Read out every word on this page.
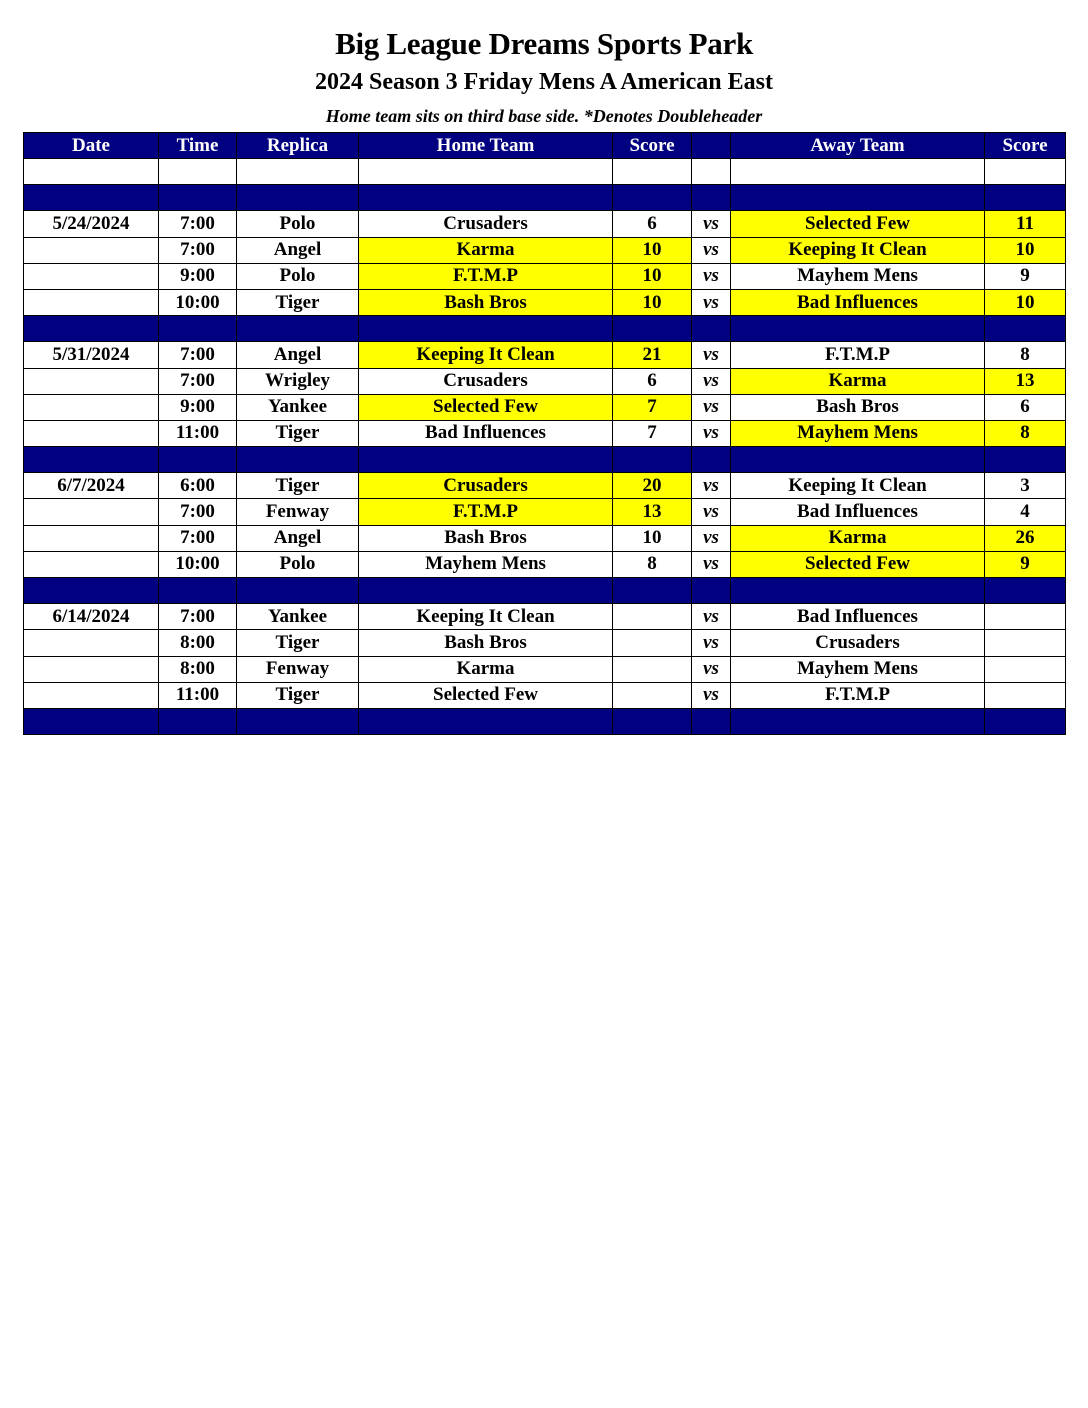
Big League Dreams Sports Park
2024 Season 3 Friday Mens A American East
Home team sits on third base side. *Denotes Doubleheader
Date	Time	Replica	Home Team	Score		Away Team	Score

5/24/2024	7:00	Polo	Crusaders	6	vs	Selected Few	11
	7:00	Angel	Karma	10	vs	Keeping It Clean	10
	9:00	Polo	F.T.M.P	10	vs	Mayhem Mens	9
	10:00	Tiger	Bash Bros	10	vs	Bad Influences	10

5/31/2024	7:00	Angel	Keeping It Clean	21	vs	F.T.M.P	8
	7:00	Wrigley	Crusaders	6	vs	Karma	13
	9:00	Yankee	Selected Few	7	vs	Bash Bros	6
	11:00	Tiger	Bad Influences	7	vs	Mayhem Mens	8

6/7/2024	6:00	Tiger	Crusaders	20	vs	Keeping It Clean	3
	7:00	Fenway	F.T.M.P	13	vs	Bad Influences	4
	7:00	Angel	Bash Bros	10	vs	Karma	26
	10:00	Polo	Mayhem Mens	8	vs	Selected Few	9

6/14/2024	7:00	Yankee	Keeping It Clean		vs	Bad Influences	
	8:00	Tiger	Bash Bros		vs	Crusaders	
	8:00	Fenway	Karma		vs	Mayhem Mens	
	11:00	Tiger	Selected Few		vs	F.T.M.P	
